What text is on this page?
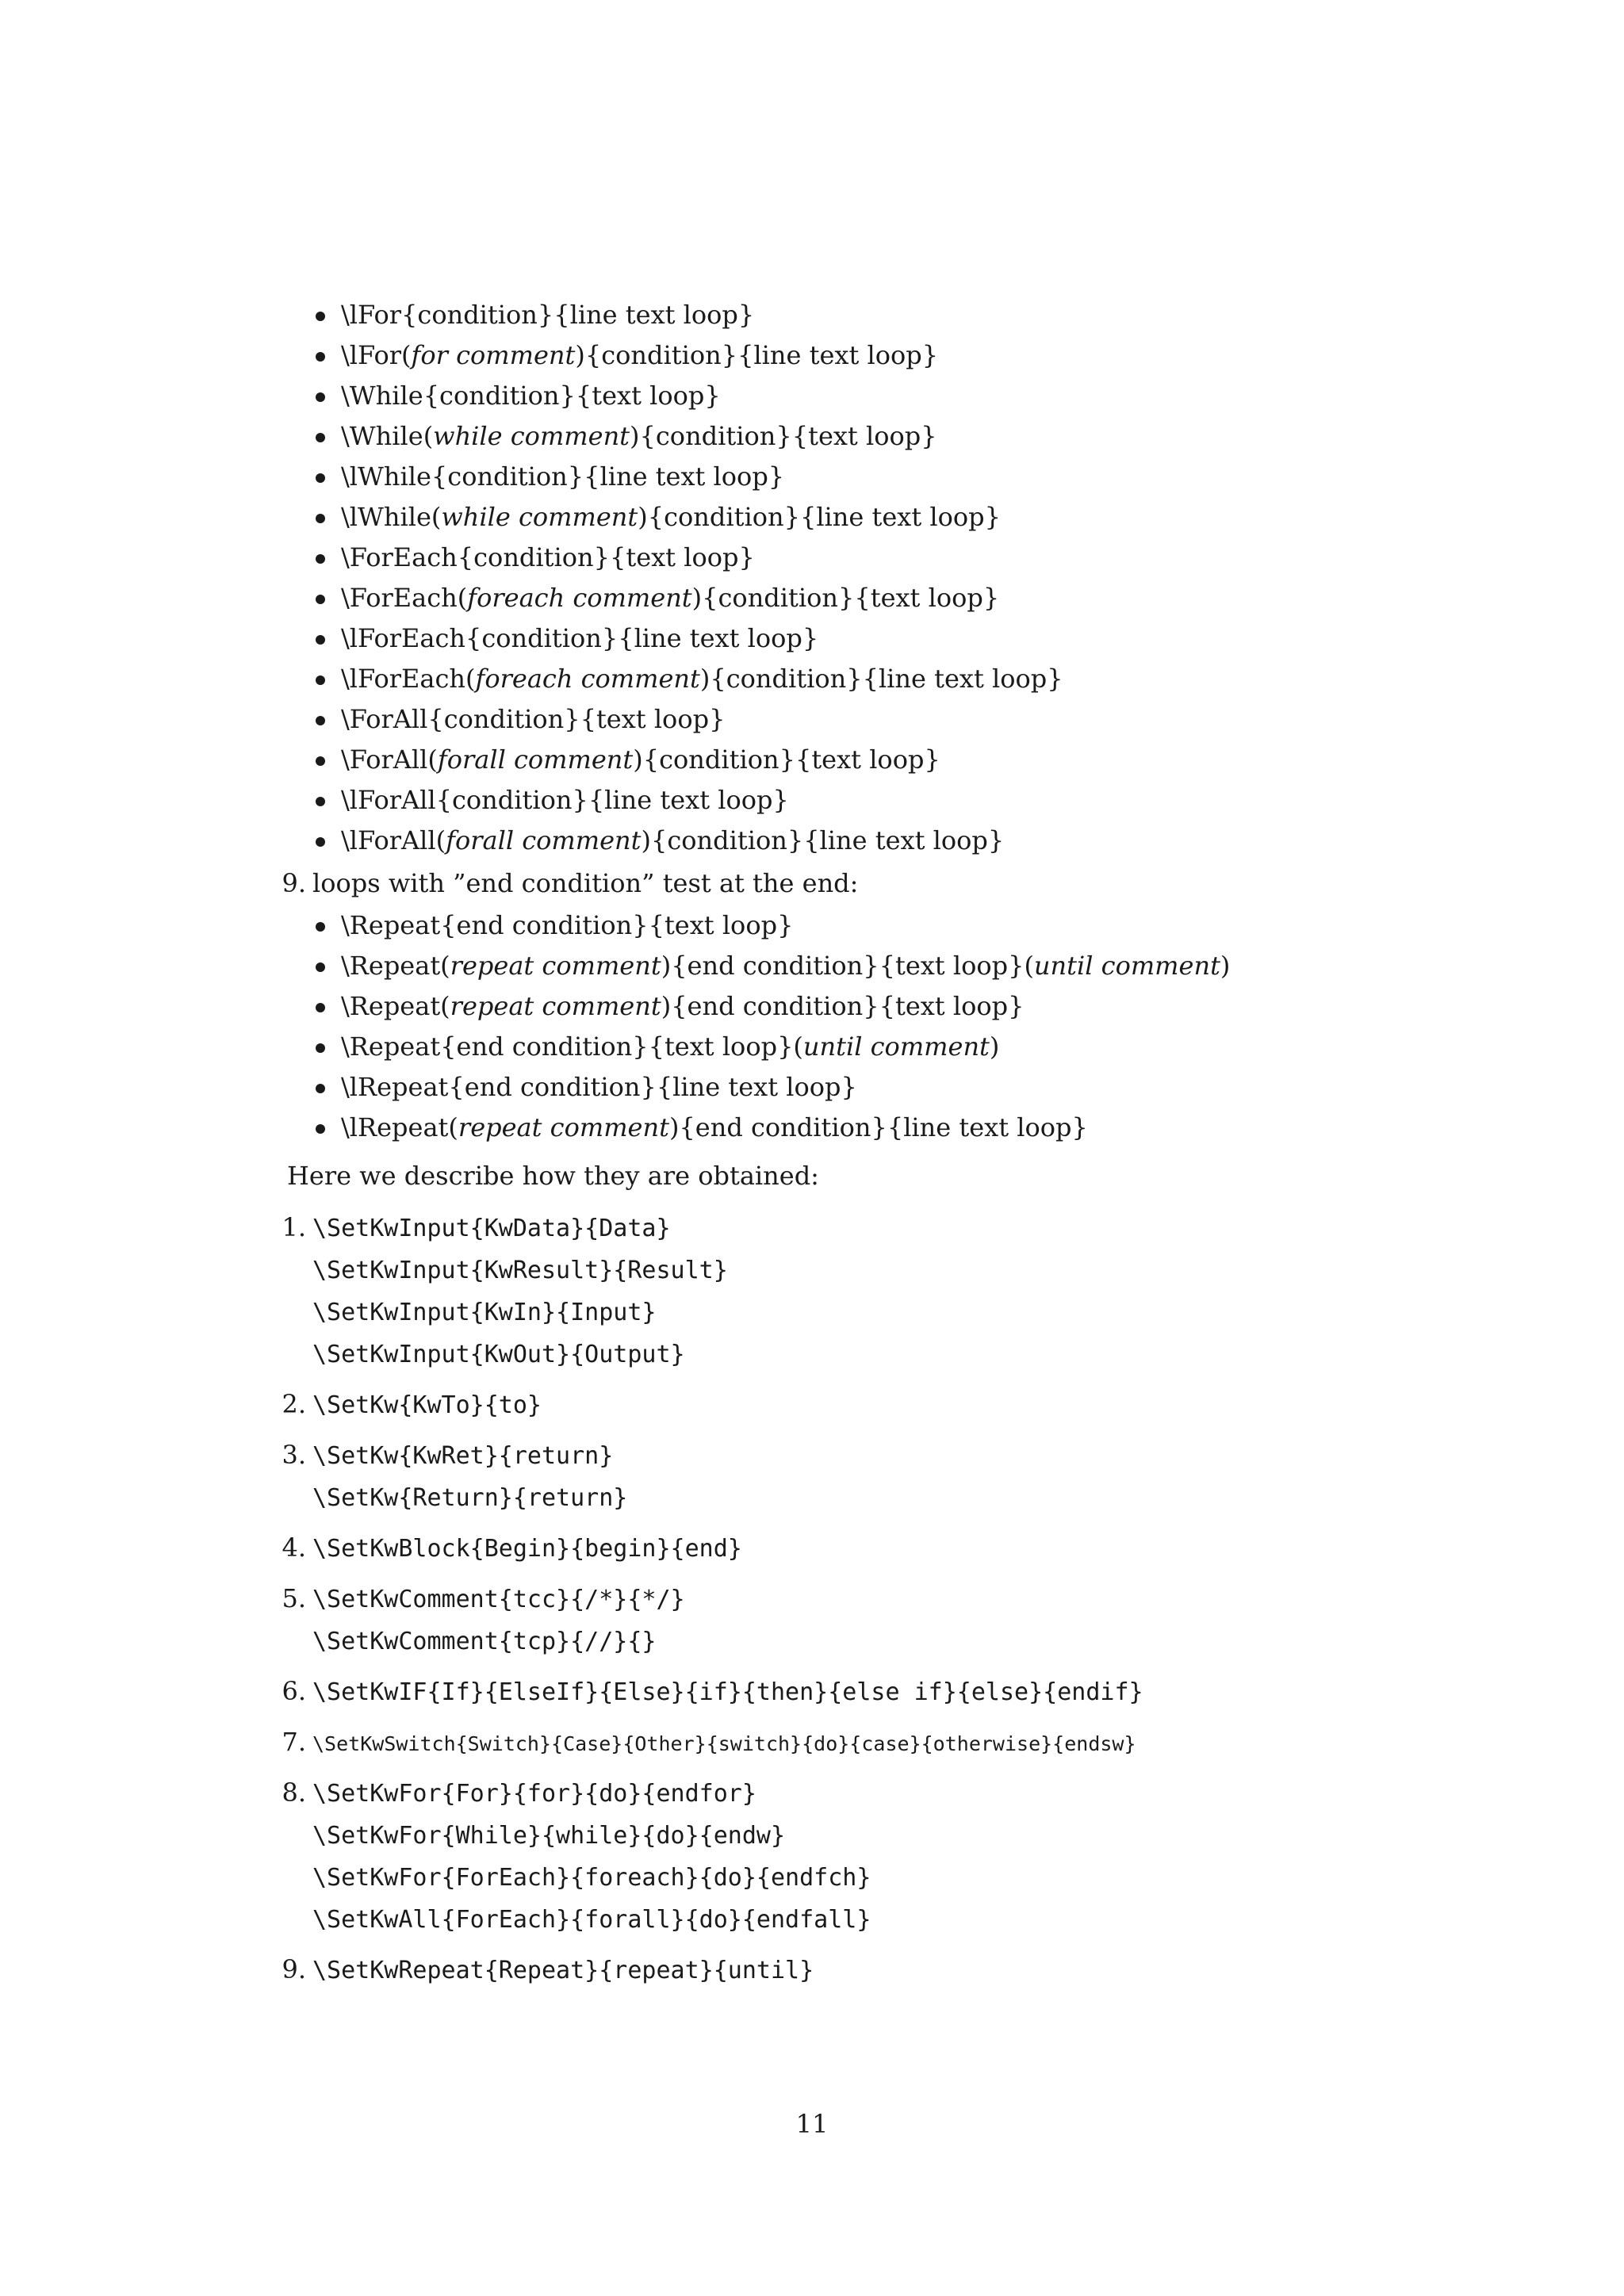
\lFor{condition}{line text loop}
\lFor(for comment){condition}{line text loop}
\While{condition}{text loop}
\While(while comment){condition}{text loop}
\lWhile{condition}{line text loop}
\lWhile(while comment){condition}{line text loop}
\ForEach{condition}{text loop}
\ForEach(foreach comment){condition}{text loop}
\lForEach{condition}{line text loop}
\lForEach(foreach comment){condition}{line text loop}
\ForAll{condition}{text loop}
\ForAll(forall comment){condition}{text loop}
\lForAll{condition}{line text loop}
\lForAll(forall comment){condition}{line text loop}
9. loops with ”end condition” test at the end:
\Repeat{end condition}{text loop}
\Repeat(repeat comment){end condition}{text loop}(until comment)
\Repeat(repeat comment){end condition}{text loop}
\Repeat{end condition}{text loop}(until comment)
\lRepeat{end condition}{line text loop}
\lRepeat(repeat comment){end condition}{line text loop}
Here we describe how they are obtained:
1. \SetKwInput{KwData}{Data}
\SetKwInput{KwResult}{Result}
\SetKwInput{KwIn}{Input}
\SetKwInput{KwOut}{Output}
2. \SetKw{KwTo}{to}
3. \SetKw{KwRet}{return}
\SetKw{Return}{return}
4. \SetKwBlock{Begin}{begin}{end}
5. \SetKwComment{tcc}{/*}{*/}
\SetKwComment{tcp}{//}{}
6. \SetKwIF{If}{ElseIf}{Else}{if}{then}{else if}{else}{endif}
7. \SetKwSwitch{Switch}{Case}{Other}{switch}{do}{case}{otherwise}{endsw}
8. \SetKwFor{For}{for}{do}{endfor}
\SetKwFor{While}{while}{do}{endw}
\SetKwFor{ForEach}{foreach}{do}{endfch}
\SetKwAll{ForEach}{forall}{do}{endfall}
9. \SetKwRepeat{Repeat}{repeat}{until}
11
